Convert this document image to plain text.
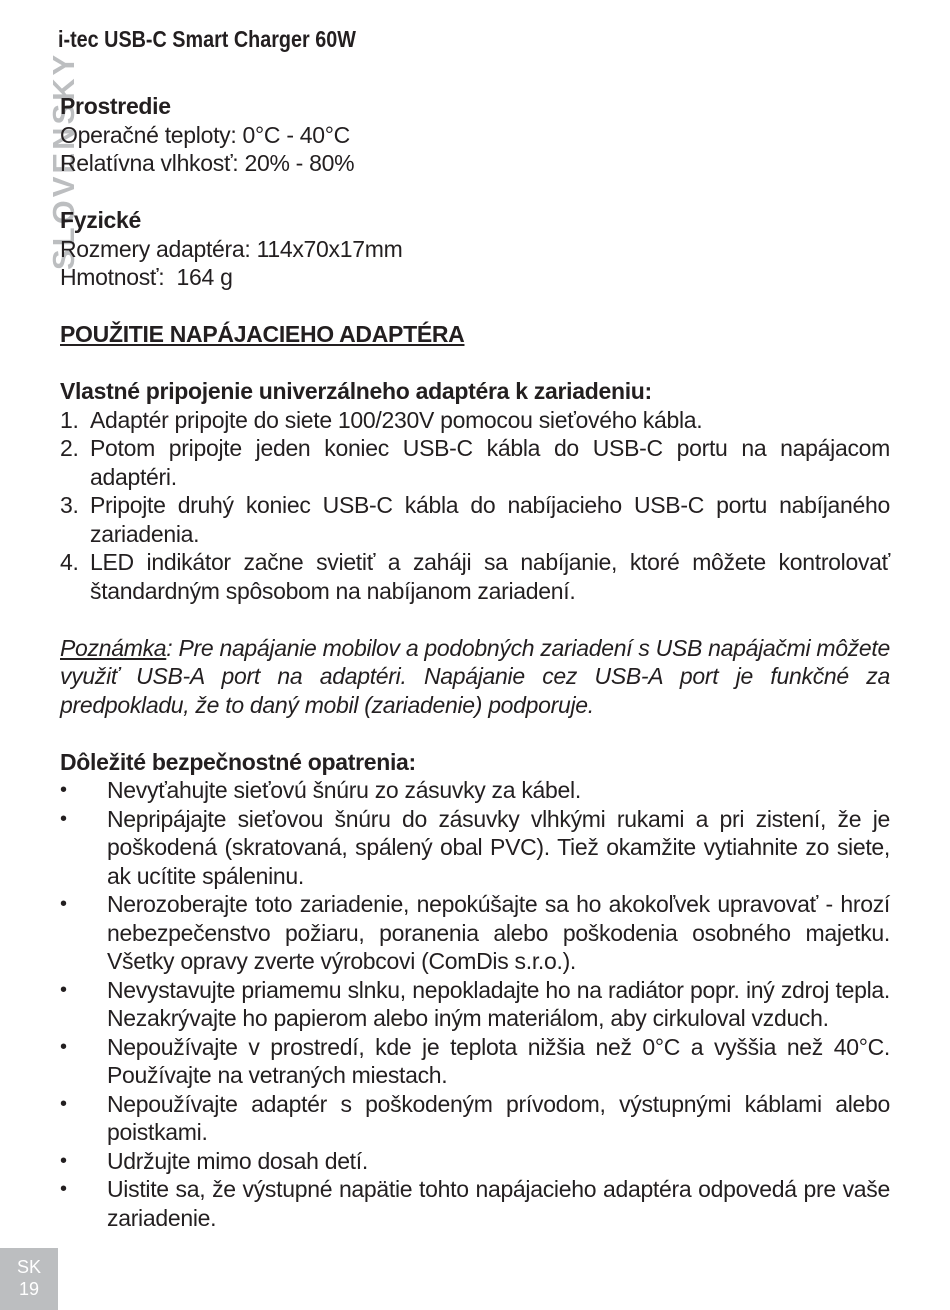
i-tec USB-C Smart Charger 60W
SLOVENSKY
Prostredie
Operačné teploty: 0°C - 40°C
Relatívna vlhkosť: 20% - 80%
Fyzické
Rozmery adaptéra: 114x70x17mm
Hmotnosť:  164 g
POUŽITIE NAPÁJACIEHO ADAPTÉRA
Vlastné pripojenie univerzálneho adaptéra k zariadeniu:
1. Adaptér pripojte do siete 100/230V pomocou sieťového kábla.
2. Potom pripojte jeden koniec USB-C kábla do USB-C portu na napájacom adaptéri.
3. Pripojte druhý koniec USB-C kábla do nabíjacieho USB-C portu nabíjaného zariadenia.
4. LED indikátor začne svietiť a zaháji sa nabíjanie, ktoré môžete kontrolovať štandardným spôsobom na nabíjanom zariadení.
Poznámka: Pre napájanie mobilov a podobných zariadení s USB napájačmi môžete využiť USB-A port na adaptéri. Napájanie cez USB-A port je funkčné za predpokladu, že to daný mobil (zariadenie) podporuje.
Dôležité bezpečnostné opatrenia:
•	Nevyťahujte sieťovú šnúru zo zásuvky za kábel.
•	Nepripájajte sieťovou šnúru do zásuvky vlhkými rukami a pri zistení, že je poškodená (skratovaná, spálený obal PVC). Tiež okamžite vytiahnite zo siete, ak ucítite spáleninu.
•	Nerozoberajte toto zariadenie, nepokúšajte sa ho akokoľvek upravovať - hrozí nebezpečenstvo požiaru, poranenia alebo poškodenia osobného majetku. Všetky opravy zverte výrobcovi (ComDis s.r.o.).
•	Nevystavujte priamemu slnku, nepokladajte ho na radiátor popr. iný zdroj tepla. Nezakrývajte ho papierom alebo iným materiálom, aby cirkuloval vzduch.
•	Nepoužívajte v prostredí, kde je teplota nižšia než 0°C a vyššia než 40°C. Používajte na vetraných miestach.
•	Nepoužívajte adaptér s poškodeným prívodom, výstupnými káblami alebo poistkami.
•	Udržujte mimo dosah detí.
•	Uistite sa, že výstupné napätie tohto napájacieho adaptéra odpovedá pre vaše zariadenie.
SK
19
